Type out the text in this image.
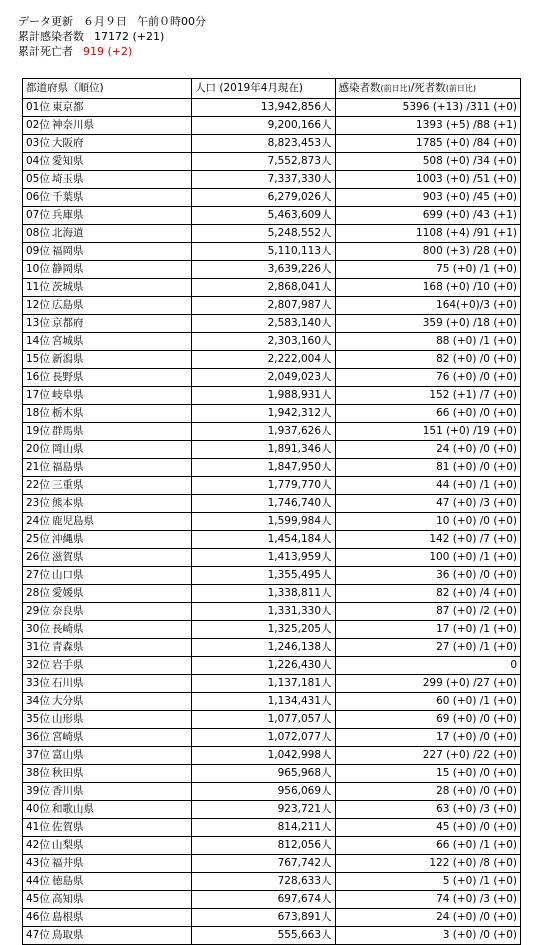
データ更新 ６月９日 午前０時00分
累計感染者数 17172 (+21)
累計死亡者 919 (+2)
都道府県（順位)	人口 (2019年4月現在)	感染者数(前日比)/死者数(前日比)
01位 東京都	13,942,856人	5396 (+13) /311 (+0)
02位 神奈川県	9,200,166人	1393 (+5) /88 (+1)
03位 大阪府	8,823,453人	1785 (+0) /84 (+0)
04位 愛知県	7,552,873人	508 (+0) /34 (+0)
05位 埼玉県	7,337,330人	1003 (+0) /51 (+0)
06位 千葉県	6,279,026人	903 (+0) /45 (+0)
07位 兵庫県	5,463,609人	699 (+0) /43 (+1)
08位 北海道	5,248,552人	1108 (+4) /91 (+1)
09位 福岡県	5,110,113人	800 (+3) /28 (+0)
10位 静岡県	3,639,226人	75 (+0) /1 (+0)
11位 茨城県	2,868,041人	168 (+0) /10 (+0)
12位 広島県	2,807,987人	164(+0)/3 (+0)
13位 京都府	2,583,140人	359 (+0) /18 (+0)
14位 宮城県	2,303,160人	88 (+0) /1 (+0)
15位 新潟県	2,222,004人	82 (+0) /0 (+0)
16位 長野県	2,049,023人	76 (+0) /0 (+0)
17位 岐阜県	1,988,931人	152 (+1) /7 (+0)
18位 栃木県	1,942,312人	66 (+0) /0 (+0)
19位 群馬県	1,937,626人	151 (+0) /19 (+0)
20位 岡山県	1,891,346人	24 (+0) /0 (+0)
21位 福島県	1,847,950人	81 (+0) /0 (+0)
22位 三重県	1,779,770人	44 (+0) /1 (+0)
23位 熊本県	1,746,740人	47 (+0) /3 (+0)
24位 鹿児島県	1,599,984人	10 (+0) /0 (+0)
25位 沖縄県	1,454,184人	142 (+0) /7 (+0)
26位 滋賀県	1,413,959人	100 (+0) /1 (+0)
27位 山口県	1,355,495人	36 (+0) /0 (+0)
28位 愛媛県	1,338,811人	82 (+0) /4 (+0)
29位 奈良県	1,331,330人	87 (+0) /2 (+0)
30位 長崎県	1,325,205人	17 (+0) /1 (+0)
31位 青森県	1,246,138人	27 (+0) /1 (+0)
32位 岩手県	1,226,430人	0
33位 石川県	1,137,181人	299 (+0) /27 (+0)
34位 大分県	1,134,431人	60 (+0) /1 (+0)
35位 山形県	1,077,057人	69 (+0) /0 (+0)
36位 宮崎県	1,072,077人	17 (+0) /0 (+0)
37位 富山県	1,042,998人	227 (+0) /22 (+0)
38位 秋田県	965,968人	15 (+0) /0 (+0)
39位 香川県	956,069人	28 (+0) /0 (+0)
40位 和歌山県	923,721人	63 (+0) /3 (+0)
41位 佐賀県	814,211人	45 (+0) /0 (+0)
42位 山梨県	812,056人	66 (+0) /1 (+0)
43位 福井県	767,742人	122 (+0) /8 (+0)
44位 徳島県	728,633人	5 (+0) /1 (+0)
45位 高知県	697,674人	74 (+0) /3 (+0)
46位 島根県	673,891人	24 (+0) /0 (+0)
47位 鳥取県	555,663人	3 (+0) /0 (+0)
